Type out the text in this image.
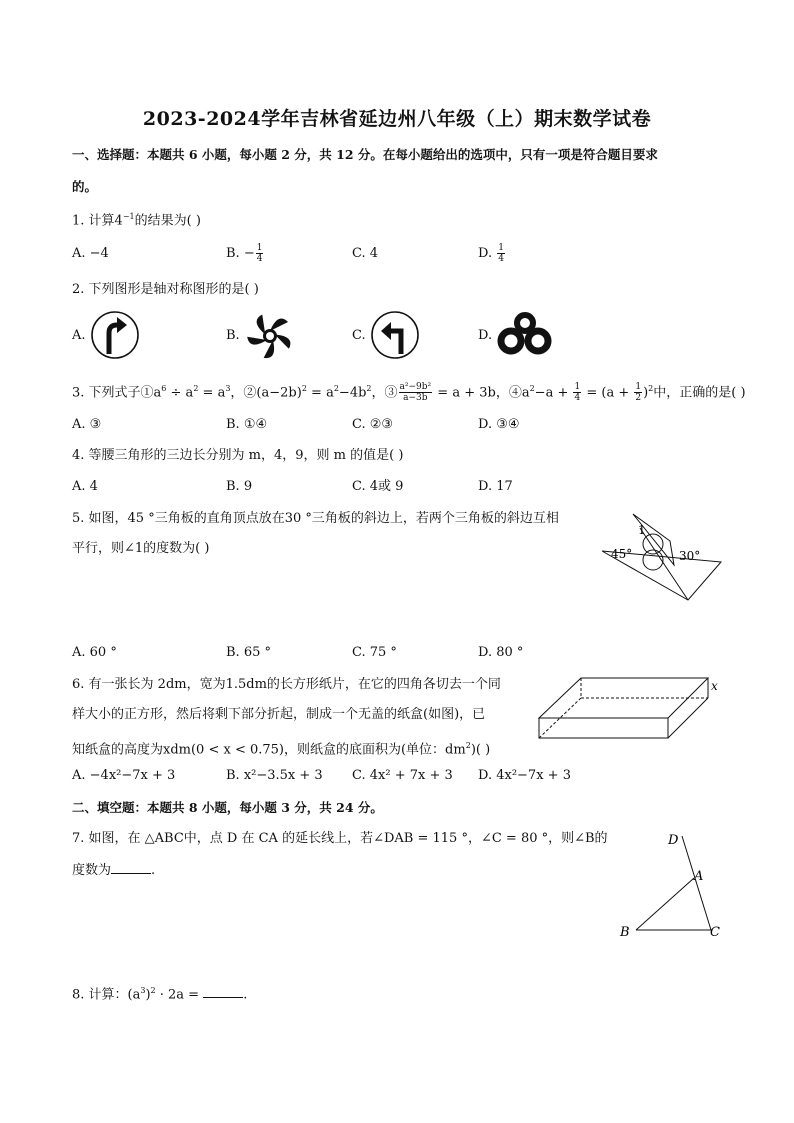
2023-2024学年吉林省延边州八年级（上）期末数学试卷
一、选择题：本题共 6 小题，每小题 2 分，共 12 分。在每小题给出的选项中，只有一项是符合题目要求
的。
1. 计算$4^{-1}$的结果为( )
A. −4	B. − $\frac{1}{4}$	C. 4	D. $\frac{1}{4}$
2. 下列图形是轴对称图形的是( )
A.	B.	C.	D.
3. 下列式子$①a^6 \div a^2 = a^3$，$②(a-2b)^2 = a^2-4b^2$，③ $\frac{\text{a²−9b²}}{a-3b} = a + 3b$，$④a^2-a + \frac{1}{4} = (a + \frac{1}{2} )^2$中，正确的是( )
A. ③	B. ①④	C. ②③	D. ③④
4. 等腰三角形的三边长分别为 m，4，9，则 m 的值是( )
A. 4	B. 9	C. 4或 9	D. 17
5. 如图，45 °三角板的直角顶点放在30 °三角板的斜边上，若两个三角板的斜边互相
平行，则∠1的度数为( )
1
45°	30°
A. 60 °	B. 65 °	C. 75 °	D. 80 °
6. 有一张长为 2dm，宽为1.5dm的长方形纸片，在它的四角各切去一个同
样大小的正方形，然后将剩下部分折起，制成一个无盖的纸盒(如图)，已
知纸盒的高度为xdm(0 < x < 0.75)，则纸盒的底面积为(单位：$dm^2$)( )
x
A. −4x²−7x + 3	B. x²−3.5x + 3 C. 4x² + 7x + 3 D. 4x²−7x + 3
二、填空题：本题共 8 小题，每小题 3 分，共 24 分。
7. 如图，在 △ABC中，点 D 在 CA 的延长线上，若∠DAB = 115 °，∠C = 80 °，则∠B的
度数为	.
D
A
B	C
8. 计算：$(a^3)^2 \cdot 2a$ =	.
